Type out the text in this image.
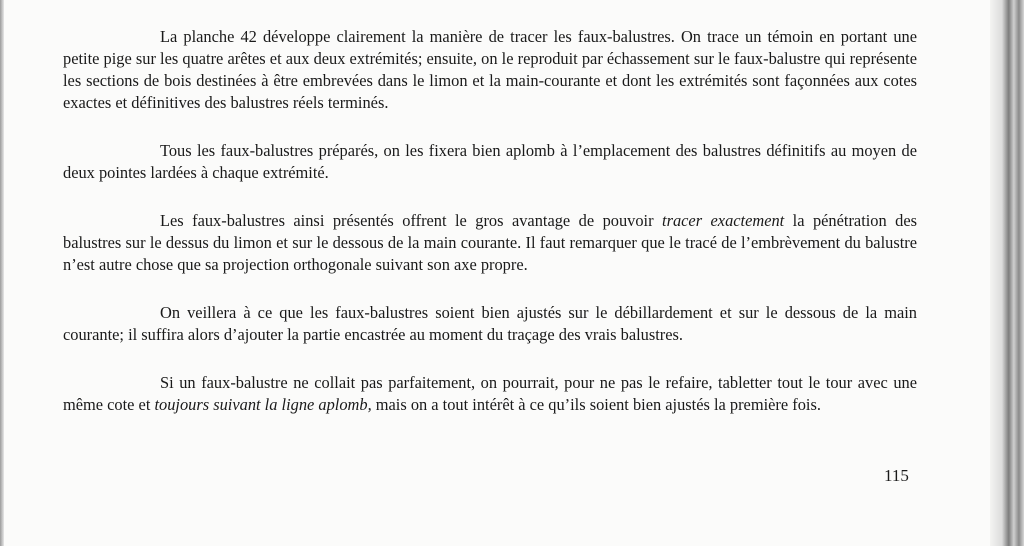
La planche 42 développe clairement la manière de tracer les faux-balustres. On trace un témoin en portant une petite pige sur les quatre arêtes et aux deux extrémités; ensuite, on le reproduit par échassement sur le faux-balustre qui représente les sections de bois destinées à être embrevées dans le limon et la main-courante et dont les extrémités sont façonnées aux cotes exactes et définitives des balustres réels terminés.

Tous les faux-balustres préparés, on les fixera bien aplomb à l’emplacement des balustres définitifs au moyen de deux pointes lardées à chaque extrémité.

Les faux-balustres ainsi présentés offrent le gros avantage de pouvoir tracer exactement la pénétration des balustres sur le dessus du limon et sur le dessous de la main courante. Il faut remarquer que le tracé de l’embrèvement du balustre n’est autre chose que sa projection orthogonale suivant son axe propre.

On veillera à ce que les faux-balustres soient bien ajustés sur le débillardement et sur le dessous de la main courante; il suffira alors d’ajouter la partie encastrée au moment du traçage des vrais balustres.

Si un faux-balustre ne collait pas parfaitement, on pourrait, pour ne pas le refaire, tabletter tout le tour avec une même cote et toujours suivant la ligne aplomb, mais on a tout intérêt à ce qu’ils soient bien ajustés la première fois.

115
